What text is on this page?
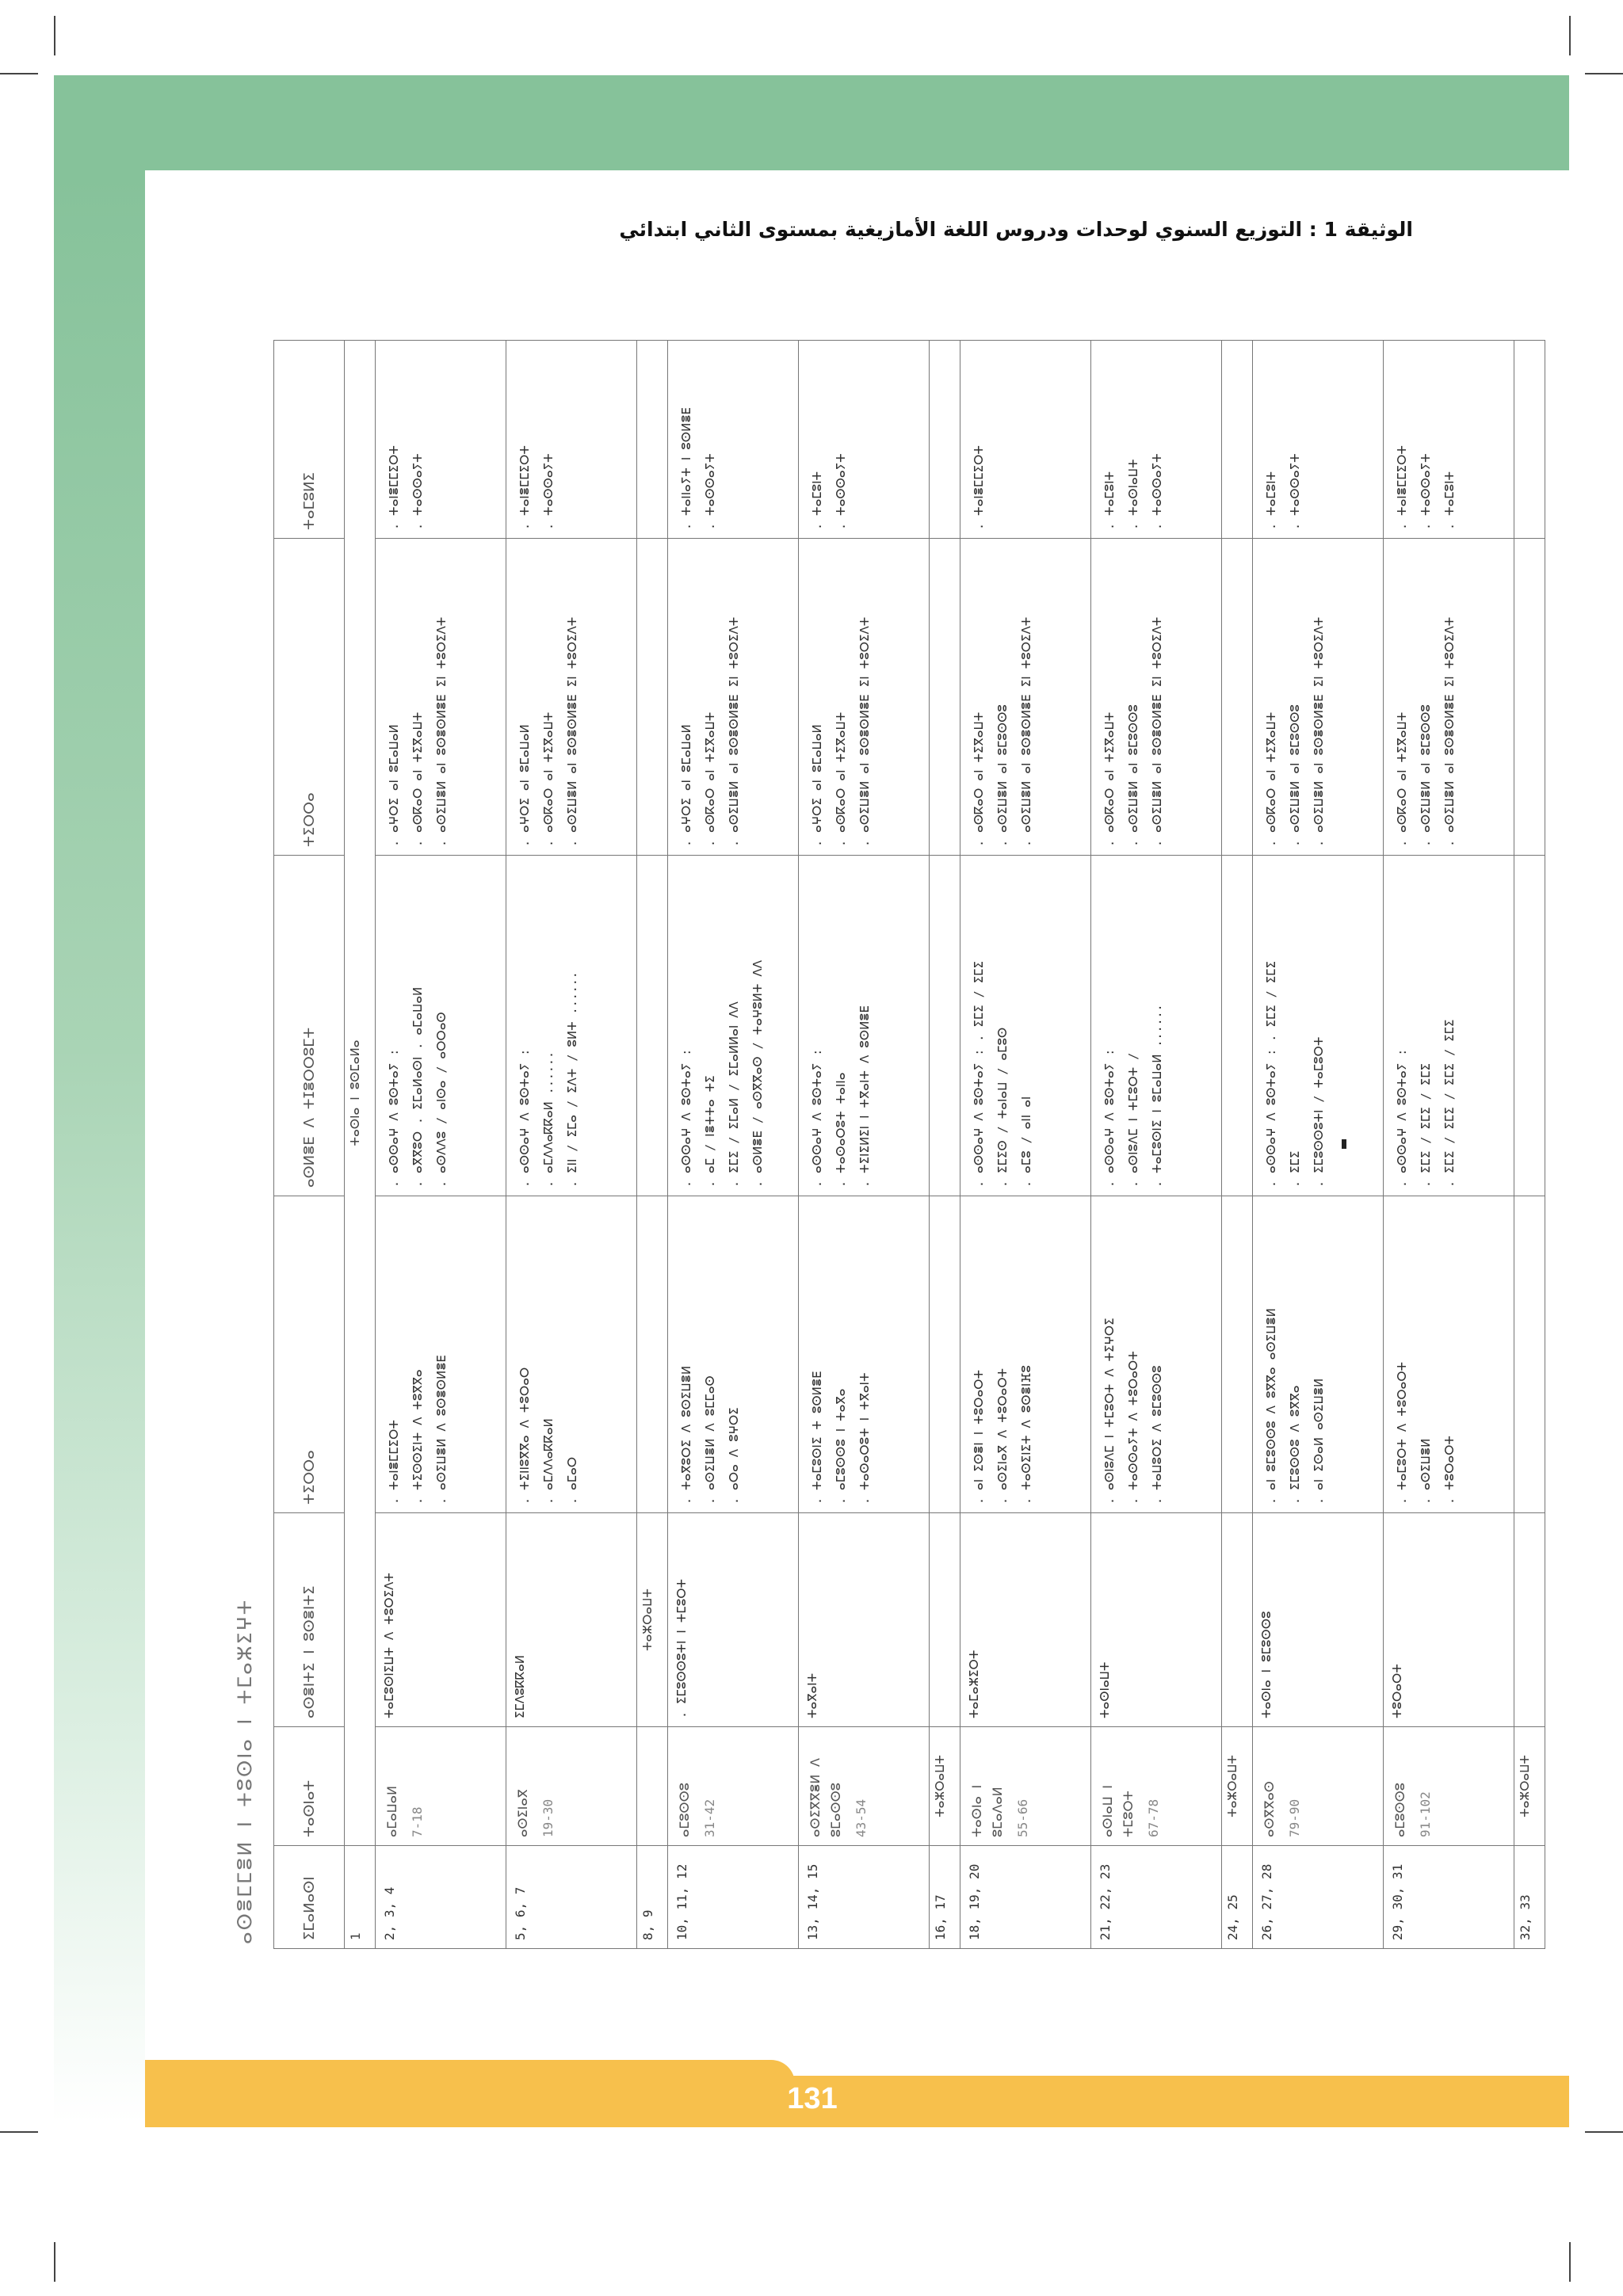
الوثيقة 1 : التوزيع السنوي لوحدات ودروس اللغة الأمازيغية بمستوى الثاني ابتدائي
ⴰⵙⴻⵎⵎⴻⵍ ⵏ ⵜⵓⵙⵏⴰ ⵏ ⵜⵎⴰⵣⵉⵖⵜ	ⵉⵎⴰⵍⴰⵙⵏ	ⵜⴰⵙⵏⴰⵜ	ⴰⵙⴻⵏⵜⵉ ⵏ ⵓⵙⴻⵏⵜⵉ	ⵜⵉⵔⵔⴰ	ⴰⵙⵍⴻⴹ ⴷ ⵜⵊⴻⵔⵔⵓⵎⵜ	ⵜⵉⵔⵔⴰ	ⵜⴰⵎⵓⵍⵉ
1	ⵜⴰⵙⵏⴰ ⵏ ⵓⵙⵎⴰⵍⴰ					
2, 3, 4	ⴰⵎⴰⵡⴰⵍ 7-18	ⵜⴰⵎⵓⵙⵏⵉⵡⵜ ⴷ ⵜⵓⵔⵉⴷⵜ	. ⵜⴰⵏⴻⵎⵎⵉⵔⵜ . ⵜⵉⵙⵙⵉⵏⵜ ⴷ ⵜⵓⴳⴳⴰ . ⴰⵙⵉⵡⴻⵍ ⴷ ⵓⵙⴻⵙⵍⴻⴹ	. ⴰⵙⵙⴰⵖ ⴷ ⵓⵙⵜⴰⵢ : . ⴰⴳⴳⵓⵔ . ⵉⵎⴰⵍⴰⵙⵏ . ⴰⵎⴰⵡⴰⵍ . ⴰⵙⴷⴷⵓ / ⴰⵏⵙⴰ / ⴰⵔⵔⴰⵙ	. ⴰⵖⵔⵉ ⴰⵏ ⵓⵎⴰⵡⴰⵍ . ⴰⵙⴽⴰⵔ ⴰⵏ ⵜⵉⴳⴰⵡⵜ . ⴰⵙⵉⵡⴻⵍ ⴰⵏ ⵓⵙⴻⵙⵍⴻⴹ ⵉⵏ ⵜⵓⵔⵉⴷⵜ	. ⵜⴰⵏⴻⵎⵎⵉⵔⵜ . ⵜⴰⵙⵙⴰⵢⵜ

5, 6, 7	ⴰⵙⵉⵏⴰⴳ 19-30	ⵉⵎⴷⵓⴽⴽⴰⵍ	. ⵜⵉⵏⵏⵓⴳⴳⴰ ⴷ ⵜⵓⵔⴰⵔ . ⴰⵎⴷⴷⴰⴽⴽⴰⵍ . ⴰⵎⴰⵔ	. ⴰⵙⵙⴰⵖ ⴷ ⵓⵙⵜⴰⵢ : . ⴰⵎⴷⴷⴰⴽⴽⴰⵍ ...... . ⵉⵏⵏ / ⵉⵎⴰ / ⵉⴷⵜ / ⵓⵍⵜ ......	. ⴰⵖⵔⵉ ⴰⵏ ⵓⵎⴰⵡⴰⵍ . ⴰⵙⴽⴰⵔ ⴰⵏ ⵜⵉⴳⴰⵡⵜ . ⴰⵙⵉⵡⴻⵍ ⴰⵏ ⵓⵙⴻⵙⵍⴻⴹ ⵉⵏ ⵜⵓⵔⵉⴷⵜ	. ⵜⴰⵏⴻⵎⵎⵉⵔⵜ . ⵜⴰⵙⵙⴰⵢⵜ

8, 9		ⵜⴰⵣⵔⴰⵡⵜ				
10, 11, 12	ⴰⵎⵓⵙⵙⵓ 31-42	. ⵉⵎⵓⵙⵙⵓⵜⵏ ⵏ ⵜⵎⵓⵔⵜ	. ⵜⴰⴳⵓⵔⵉ ⴷ ⵓⵙⵉⵡⴻⵍ . ⴰⵙⵉⵡⴻⵍ ⴷ ⵓⵎⵎⴰⵙ . ⴰⵔⴰ ⴷ ⵓⵖⵔⵉ	. ⴰⵙⵙⴰⵖ ⴷ ⵓⵙⵜⴰⵢ : . ⴰⵎ / ⵏⴻⵜⵜⴰ ⵜⵉ . ⵉⵎⵉ / ⵉⵎⴰⵍ / ⵉⵎⴰⵍⵍⴰⵏ ⴷⴷ . ⴰⵙⵍⴻⴹ / ⴰⵙⴳⴳⴰⵙ / ⵜⴰⵖⵓⵍⵜ ⴷⴷ	. ⴰⵖⵔⵉ ⴰⵏ ⵓⵎⴰⵡⴰⵍ . ⴰⵙⴽⴰⵔ ⴰⵏ ⵜⵉⴳⴰⵡⵜ . ⴰⵙⵉⵡⴻⵍ ⴰⵏ ⵓⵙⴻⵙⵍⴻⴹ ⵉⵏ ⵜⵓⵔⵉⴷⵜ	. ⵜⴰⵏⵏⴰⵢⵜ ⵏ ⵓⵙⵍⴻⴹ . ⵜⴰⵙⵙⴰⵢⵜ

13, 14, 15	ⴰⵙⵉⴳⴳⴻⵍ ⴷ ⵓⵎⴰⵙⵙⵓ 43-54	ⵜⴰⴳⴰⵏⵜ	. ⵜⴰⵎⵓⵙⵏⵉ ⵜ ⵓⵙⵍⴻⴹ . ⴰⵎⵓⵙⵙⵓ ⵏ ⵜⴰⴳⴰ . ⵜⴰⵙⴰⵔⵓⵜ ⵏ ⵜⴳⴰⵏⵜ	. ⴰⵙⵙⴰⵖ ⴷ ⵓⵙⵜⴰⵢ : . ⵜⴰⵙⴰⵔⵓⵜ ⵜⴰⵏⵏⴰ . ⵜⵉⵏⵉⵍⵉⵏ ⵏ ⵜⴳⴰⵏⵜ ⴷ ⵓⵙⵍⴻⴹ	. ⴰⵖⵔⵉ ⴰⵏ ⵓⵎⴰⵡⴰⵍ . ⴰⵙⴽⴰⵔ ⴰⵏ ⵜⵉⴳⴰⵡⵜ . ⴰⵙⵉⵡⴻⵍ ⴰⵏ ⵓⵙⴻⵙⵍⴻⴹ ⵉⵏ ⵜⵓⵔⵉⴷⵜ	. ⵜⴰⵎⵓⵏⵜ . ⵜⴰⵙⵙⴰⵢⵜ

16, 17	ⵜⴰⵣⵔⴰⵡⵜ					
18, 19, 20	ⵜⴰⵙⵏⴰ ⵏ ⵓⵎⴰⴷⴰⵍ 55-66	ⵜⴰⵎⴰⵣⵉⵔⵜ	. ⴰⵏ ⵉⵙⴻⵏ ⵏ ⵜⵓⵔⴰⵔⵜ . ⴰⵙⵉⵏⴰⴳ ⴷ ⵜⵓⵔⴰⵔⵜ . ⵜⴰⵙⵉⵏⵉⵜ ⴷ ⵓⵙⴻⵏⴼⵓ	. ⴰⵙⵙⴰⵖ ⴷ ⵓⵙⵜⴰⵢ : . ⵉⵎⵉ / ⵉⵎⵉ . ⵉⵎⵉⵙ / ⵜⴰⵏⴰⵡ / ⴰⵎⵓⵙ . ⴰⵎⵓ / ⴰⵏⵏ ⴰⵏ	. ⴰⵙⴽⴰⵔ ⴰⵏ ⵜⵉⴳⴰⵡⵜ . ⴰⵙⵉⵡⴻⵍ ⴰⵏ ⵓⵎⵓⵙⵙⵓ . ⴰⵙⵉⵡⴻⵍ ⴰⵏ ⵓⵙⴻⵙⵍⴻⴹ ⵉⵏ ⵜⵓⵔⵉⴷⵜ	. ⵜⴰⵏⴻⵎⵎⵉⵔⵜ

21, 22, 23	ⴰⵙⵏⴰⵡ ⵏ ⵜⵎⵓⵔⵜ 67-78	ⵜⴰⵙⵏⴰⵡⵜ	. ⴰⵙⵏⵓⴷⵎ ⵏ ⵜⵎⵓⵔⵜ ⴷ ⵜⵉⵖⵔⵉ . ⵜⴰⵙⵙⴰⵢⵜ ⴷ ⵜⵓⵔⴰⵔⵜ . ⵜⴰⵡⵓⵔⵉ ⴷ ⵓⵎⵓⵙⵙⵓ	. ⴰⵙⵙⴰⵖ ⴷ ⵓⵙⵜⴰⵢ : . ⴰⵙⵏⵓⴷⵎ ⵏ ⵜⵎⵓⵔⵜ / . ⵜⴰⵎⵓⵙⵏⵉ ⵏ ⵓⵎⴰⵡⴰⵍ ......	. ⴰⵙⴽⴰⵔ ⴰⵏ ⵜⵉⴳⴰⵡⵜ . ⴰⵙⵉⵡⴻⵍ ⴰⵏ ⵓⵎⵓⵙⵙⵓ . ⴰⵙⵉⵡⴻⵍ ⴰⵏ ⵓⵙⴻⵙⵍⴻⴹ ⵉⵏ ⵜⵓⵔⵉⴷⵜ	. ⵜⴰⵎⵓⵏⵜ . ⵜⴰⵙⵏⴰⵡⵜ . ⵜⴰⵙⵙⴰⵢⵜ

24, 25	ⵜⴰⵣⵔⴰⵡⵜ					
26, 27, 28	ⴰⵙⴳⴳⴰⵙ 79-90	ⵜⴰⵙⵏⴰ ⵏ ⵓⵎⵓⵙⵙⵓ	. ⴰⵏ ⵓⵎⵓⵙⵙⵓ ⴷ ⵓⴳⴳⴰ ⴰⵙⵉⵡⴻⵍ . ⵉⵎⵓⵙⵙⵓ ⴷ ⵓⴳⴳⴰ . ⴰⵏ ⵉⵙⴰⵍ ⴰⵙⵉⵡⴻⵍ	. ⴰⵙⵙⴰⵖ ⴷ ⵓⵙⵜⴰⵢ : . ⵉⵎⵉ / ⵉⵎⵉ . ⵉⵎⵉ . ⵉⵎⵓⵙⵙⵓⵜⵏ / ⵜⴰⵎⵓⵔⵜ	. ⴰⵙⴽⴰⵔ ⴰⵏ ⵜⵉⴳⴰⵡⵜ . ⴰⵙⵉⵡⴻⵍ ⴰⵏ ⵓⵎⵓⵙⵙⵓ . ⴰⵙⵉⵡⴻⵍ ⴰⵏ ⵓⵙⴻⵙⵍⴻⴹ ⵉⵏ ⵜⵓⵔⵉⴷⵜ	. ⵜⴰⵎⵓⵏⵜ . ⵜⴰⵙⵙⴰⵢⵜ

29, 30, 31	ⴰⵎⵓⵙⵙⵓ 91-102	ⵜⵓⵔⴰⵔⵜ	. ⵜⴰⵎⵓⵔⵜ ⴷ ⵜⵓⵔⴰⵔⵜ . ⴰⵙⵉⵡⴻⵍ . ⵜⵓⵔⴰⵔⵜ	. ⴰⵙⵙⴰⵖ ⴷ ⵓⵙⵜⴰⵢ : . ⵉⵎⵉ / ⵉⵎⵉ / ⵉⵎⵉ . ⵉⵎⵉ / ⵉⵎⵉ / ⵉⵎⵉ / ⵉⵎⵉ	. ⴰⵙⴽⴰⵔ ⴰⵏ ⵜⵉⴳⴰⵡⵜ . ⴰⵙⵉⵡⴻⵍ ⴰⵏ ⵓⵎⵓⵙⵙⵓ . ⴰⵙⵉⵡⴻⵍ ⴰⵏ ⵓⵙⴻⵙⵍⴻⴹ ⵉⵏ ⵜⵓⵔⵉⴷⵜ	. ⵜⴰⵏⴻⵎⵎⵉⵔⵜ . ⵜⴰⵙⵙⴰⵢⵜ . ⵜⴰⵎⵓⵏⵜ

32, 33	ⵜⴰⵣⵔⴰⵡⵜ					
131
